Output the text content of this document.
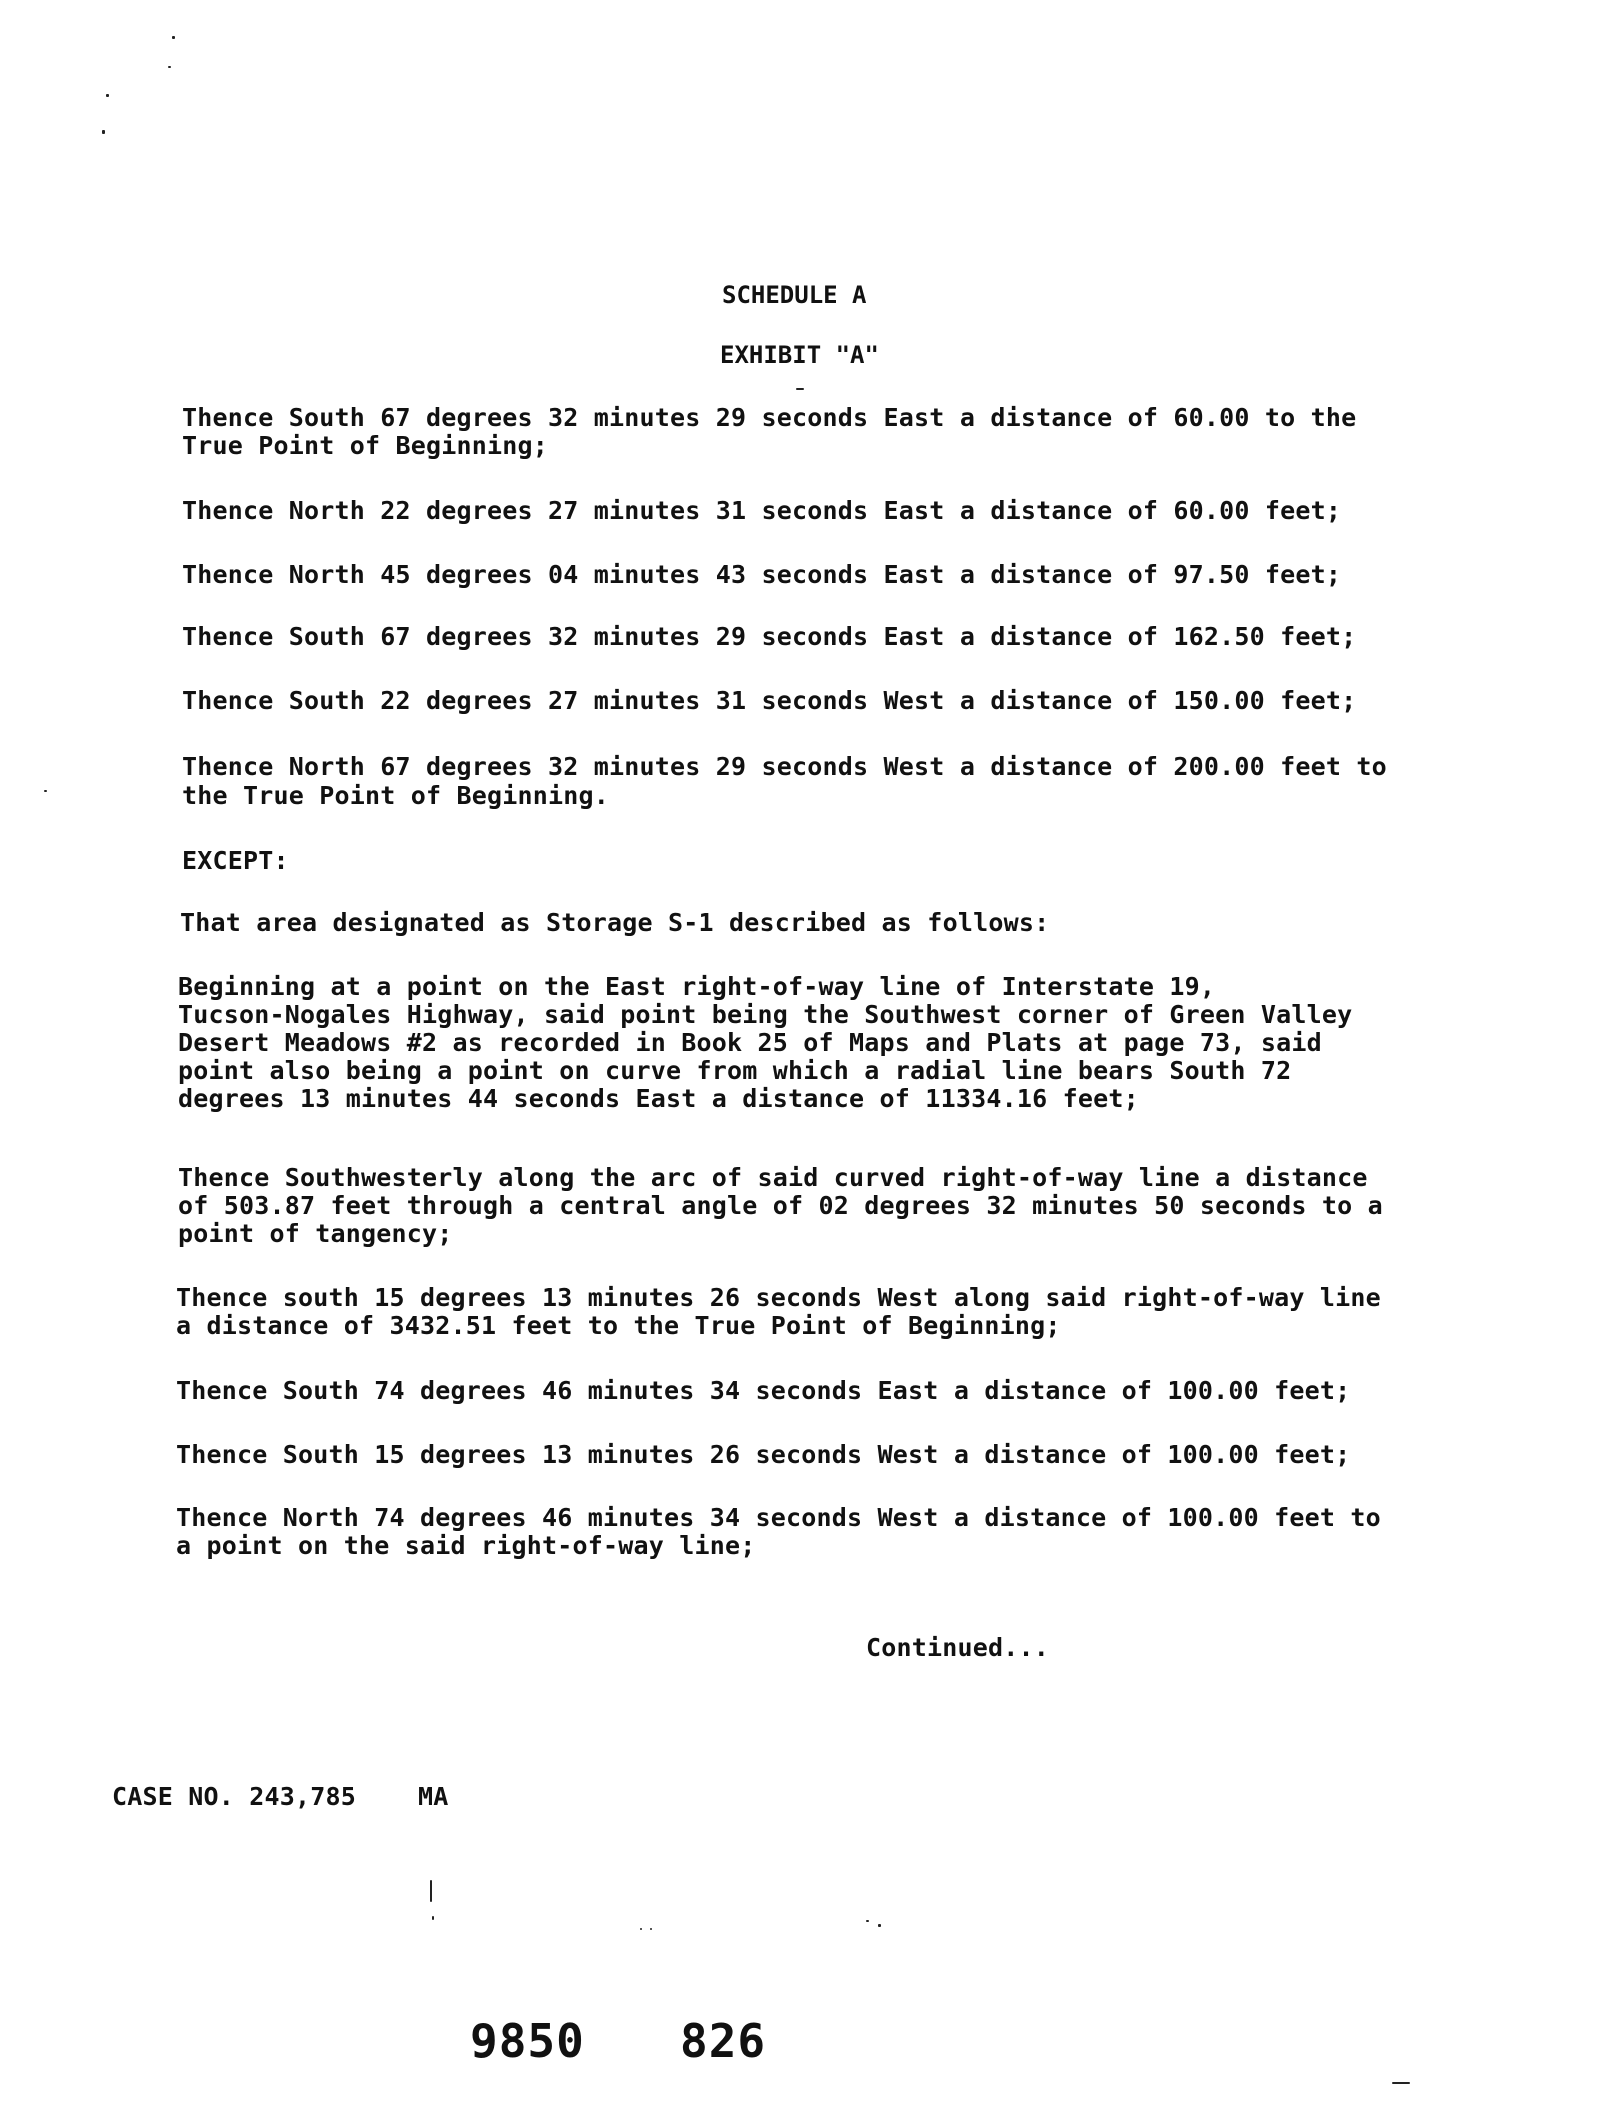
SCHEDULE A
EXHIBIT "A"
Thence South 67 degrees 32 minutes 29 seconds East a distance of 60.00 to the
True Point of Beginning;
Thence North 22 degrees 27 minutes 31 seconds East a distance of 60.00 feet;
Thence North 45 degrees 04 minutes 43 seconds East a distance of 97.50 feet;
Thence South 67 degrees 32 minutes 29 seconds East a distance of 162.50 feet;
Thence South 22 degrees 27 minutes 31 seconds West a distance of 150.00 feet;
Thence North 67 degrees 32 minutes 29 seconds West a distance of 200.00 feet to
the True Point of Beginning.
EXCEPT:
That area designated as Storage S-1 described as follows:
Beginning at a point on the East right-of-way line of Interstate 19,
Tucson-Nogales Highway, said point being the Southwest corner of Green Valley
Desert Meadows #2 as recorded in Book 25 of Maps and Plats at page 73, said
point also being a point on curve from which a radial line bears South 72
degrees 13 minutes 44 seconds East a distance of 11334.16 feet;
Thence Southwesterly along the arc of said curved right-of-way line a distance
of 503.87 feet through a central angle of 02 degrees 32 minutes 50 seconds to a
point of tangency;
Thence south 15 degrees 13 minutes 26 seconds West along said right-of-way line
a distance of 3432.51 feet to the True Point of Beginning;
Thence South 74 degrees 46 minutes 34 seconds East a distance of 100.00 feet;
Thence South 15 degrees 13 minutes 26 seconds West a distance of 100.00 feet;
Thence North 74 degrees 46 minutes 34 seconds West a distance of 100.00 feet to
a point on the said right-of-way line;
Continued...
CASE NO. 243,785 MA
9850 826
